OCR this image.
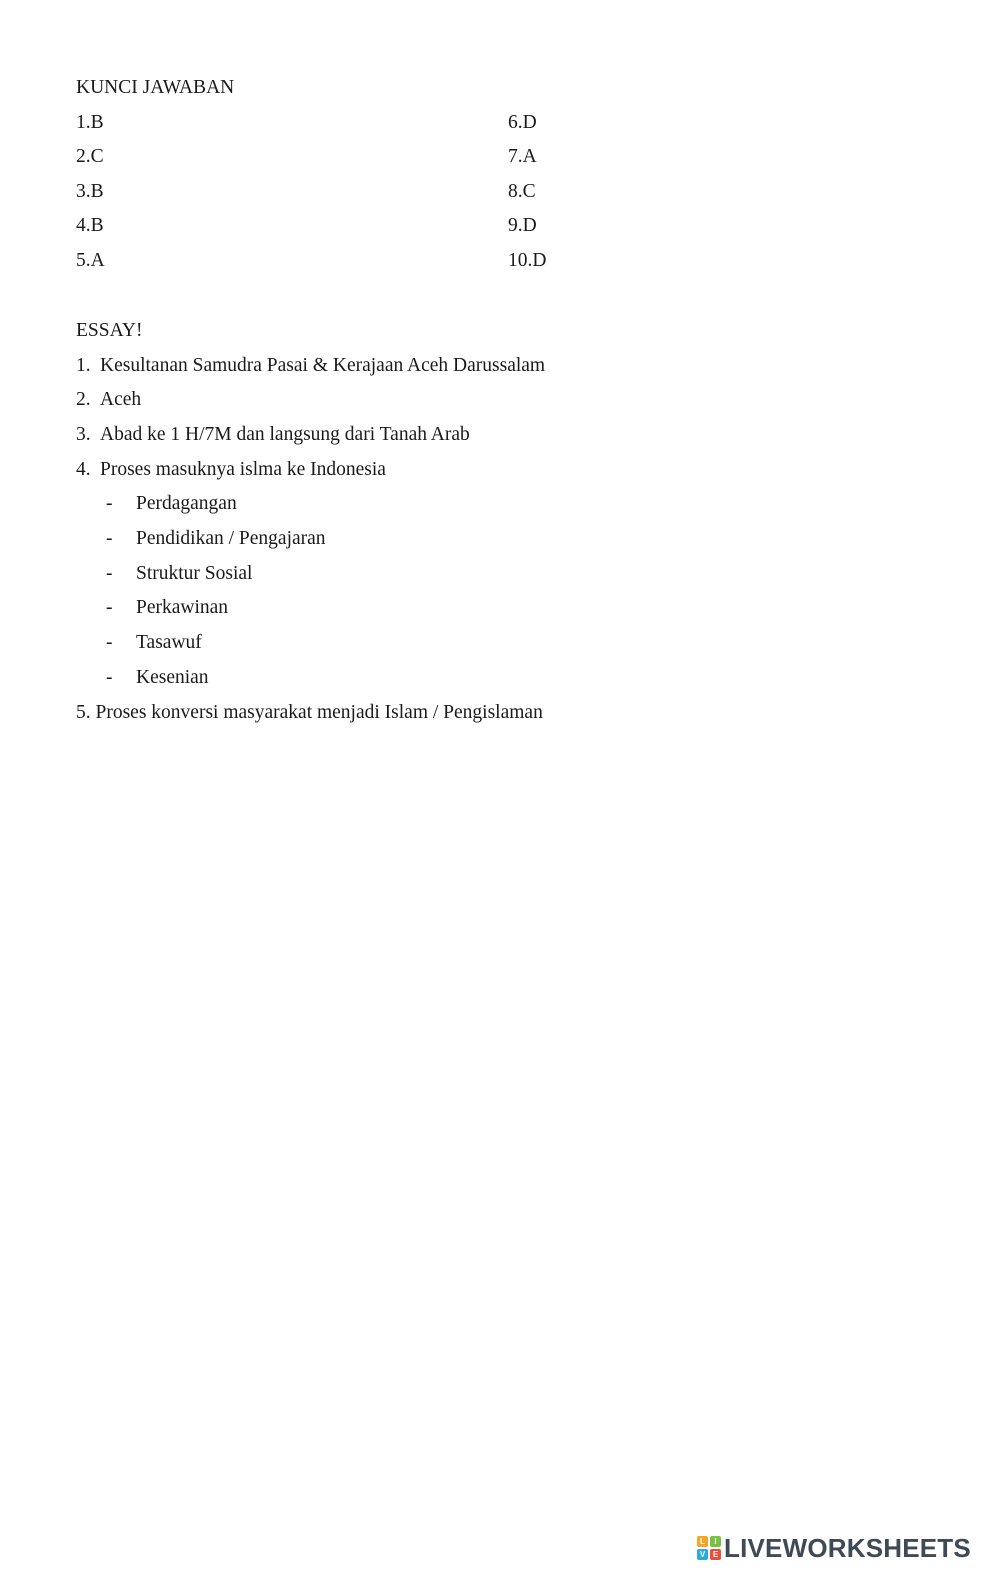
KUNCI JAWABAN
1.B
2.C
3.B
4.B
5.A
6.D
7.A
8.C
9.D
10.D
ESSAY!
1. Kesultanan Samudra Pasai & Kerajaan Aceh Darussalam
2. Aceh
3. Abad ke 1 H/7M dan langsung dari Tanah Arab
4. Proses masuknya islma ke Indonesia
- Perdagangan
- Pendidikan / Pengajaran
- Struktur Sosial
- Perkawinan
- Tasawuf
- Kesenian
5. Proses konversi masyarakat menjadi Islam / Pengislaman
L	I
V E LIVEWORKSHEETS
